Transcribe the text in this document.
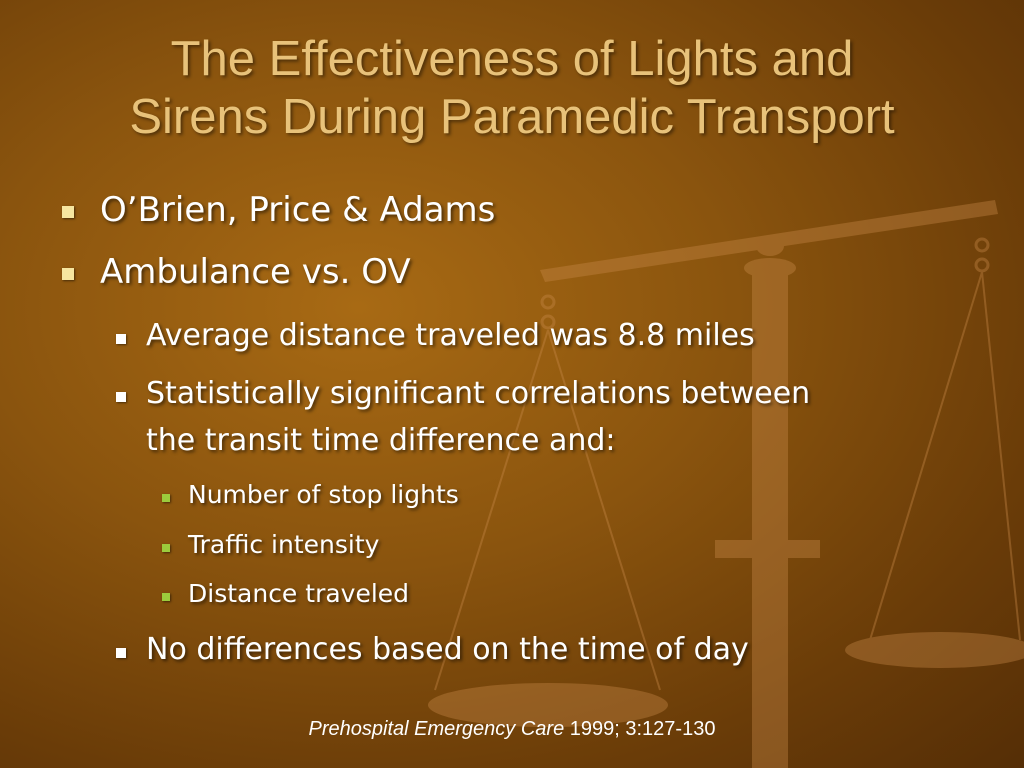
The Effectiveness of Lights and
Sirens During Paramedic Transport
O’Brien, Price & Adams
Ambulance vs. OV
Average distance traveled was 8.8 miles
Statistically significant correlations between
the transit time difference and:
Number of stop lights
Traffic intensity
Distance traveled
No differences based on the time of day
Prehospital Emergency Care 1999; 3:127-130
